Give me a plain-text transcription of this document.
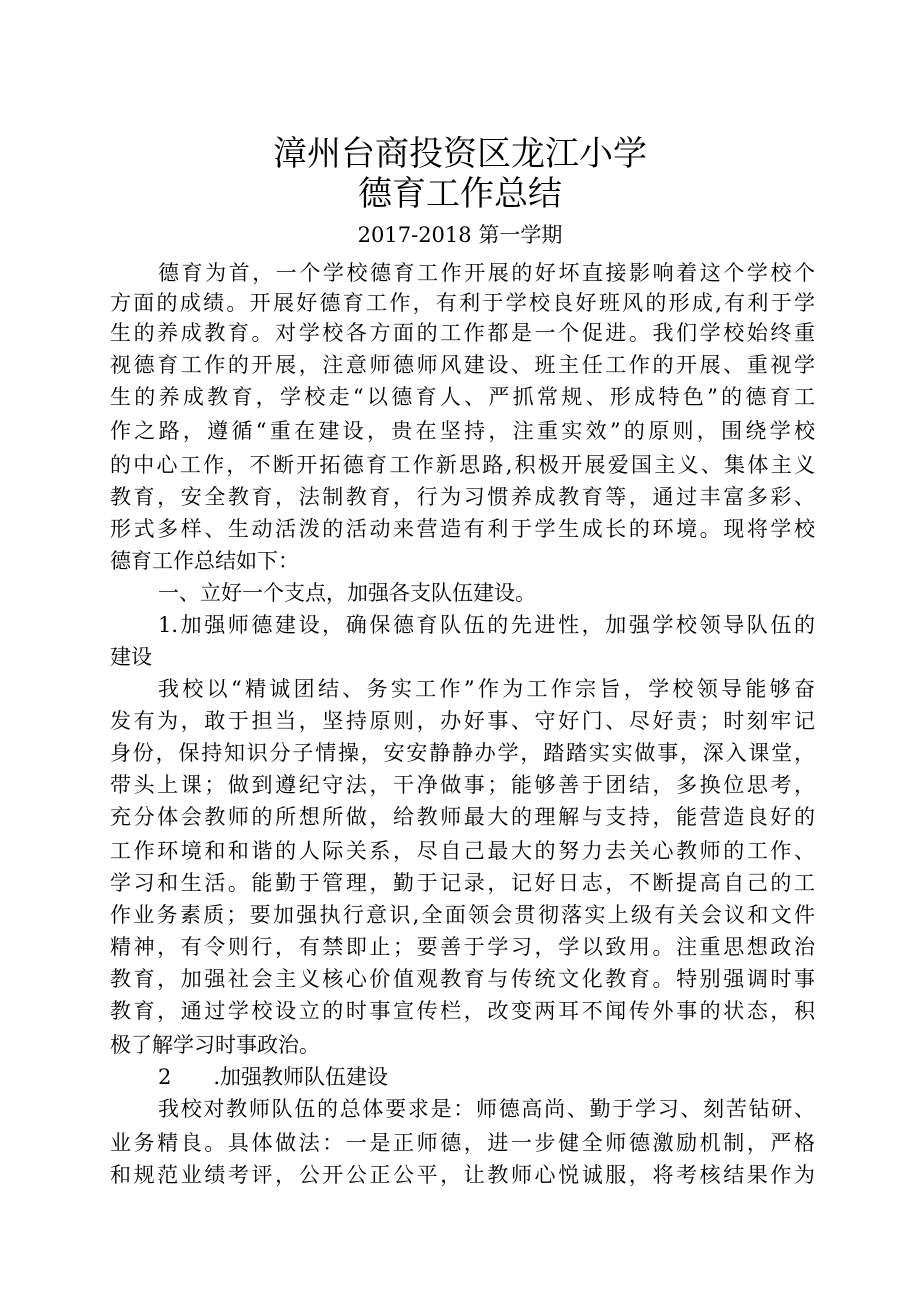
漳州台商投资区龙江小学
德育工作总结
2017-2018 第一学期
德育为首，一个学校德育工作开展的好坏直接影响着这个学校个
方面的成绩。开展好德育工作，有利于学校良好班风的形成,有利于学
生的养成教育。对学校各方面的工作都是一个促进。我们学校始终重
视德育工作的开展，注意师德师风建设、班主任工作的开展、重视学
生的养成教育，学校走“以德育人、严抓常规、形成特色”的德育工
作之路，遵循“重在建设，贵在坚持，注重实效”的原则，围绕学校
的中心工作，不断开拓德育工作新思路,积极开展爱国主义、集体主义
教育，安全教育，法制教育，行为习惯养成教育等，通过丰富多彩、
形式多样、生动活泼的活动来营造有利于学生成长的环境。现将学校
德育工作总结如下：
一、立好一个支点，加强各支队伍建设。
1.加强师德建设，确保德育队伍的先进性，加强学校领导队伍的
建设
我校以“精诚团结、务实工作”作为工作宗旨，学校领导能够奋
发有为，敢于担当，坚持原则，办好事、守好门、尽好责；时刻牢记
身份，保持知识分子情操，安安静静办学，踏踏实实做事，深入课堂，
带头上课；做到遵纪守法，干净做事；能够善于团结，多换位思考，
充分体会教师的所想所做，给教师最大的理解与支持，能营造良好的
工作环境和和谐的人际关系，尽自己最大的努力去关心教师的工作、
学习和生活。能勤于管理，勤于记录，记好日志，不断提高自己的工
作业务素质；要加强执行意识,全面领会贯彻落实上级有关会议和文件
精神，有令则行，有禁即止；要善于学习，学以致用。注重思想政治
教育，加强社会主义核心价值观教育与传统文化教育。特别强调时事
教育，通过学校设立的时事宣传栏，改变两耳不闻传外事的状态，积
极了解学习时事政治。
2　　.加强教师队伍建设
我校对教师队伍的总体要求是：师德高尚、勤于学习、刻苦钻研、
业务精良。具体做法：一是正师德，进一步健全师德激励机制，严格
和规范业绩考评，公开公正公平，让教师心悦诚服，将考核结果作为
